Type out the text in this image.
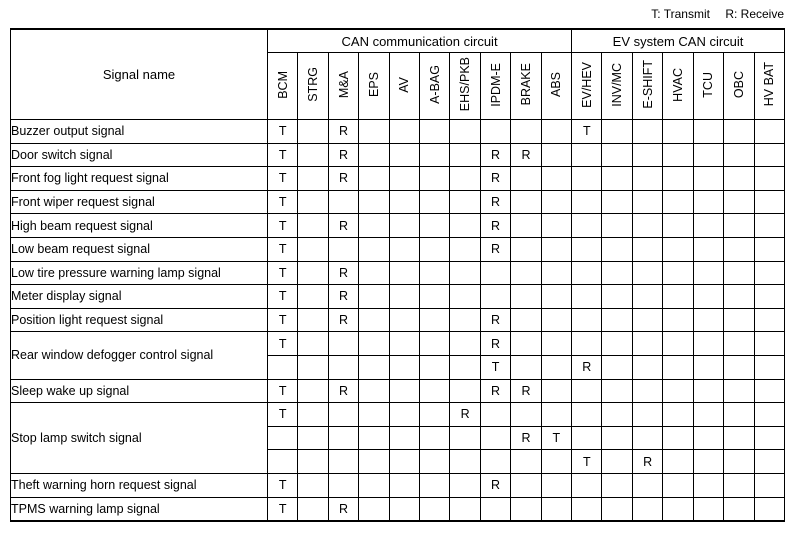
T: Transmit R: Receive
Signal name	CAN communication circuit										EV system CAN circuit						
	BCM	STRG	M&A	EPS	AV	A-BAG	EHS/PKB	IPDM-E	BRAKE	ABS	EV/HEV	INV/MC	E-SHIFT	HVAC	TCU	OBC	HV BAT
Buzzer output signal	T		R								T						
Door switch signal	T		R					R	R								
Front fog light request signal	T		R					R									
Front wiper request signal	T							R									
High beam request signal	T		R					R									
Low beam request signal	T							R									
Low tire pressure warning lamp signal	T		R														
Meter display signal	T		R														
Position light request signal	T		R					R									
Rear window defogger control signal	T							R									
								T			R						
Sleep wake up signal	T		R					R	R								
Stop lamp switch signal	T						R										
									R	T							
											T		R				
Theft warning horn request signal	T							R									
TPMS warning lamp signal	T		R														
